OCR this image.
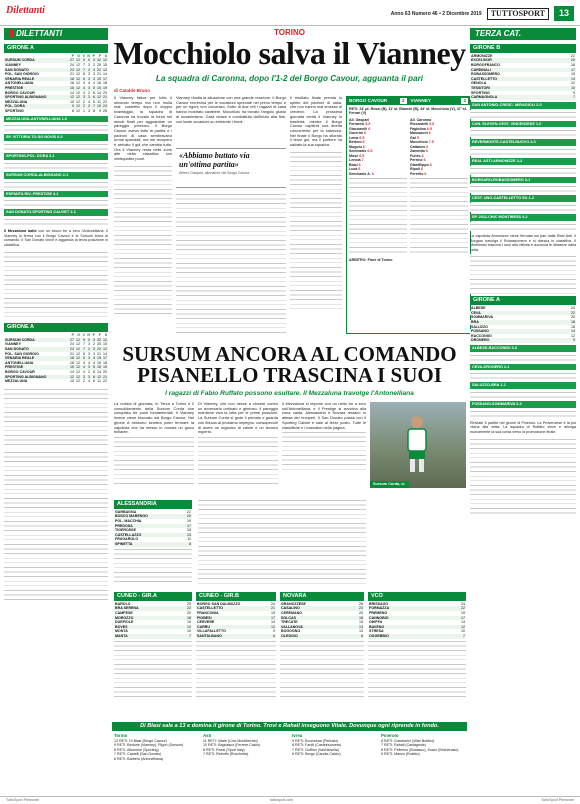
Dilettanti	Anno 63 Numero 46 • 2 Dicembre 2019	TUTTOSPORT	13
DILETTANTI	TERZA CAT.
GIRONE A
	P	G	V	N	P	F	S
SURSUM CORDA	27	12	9	0	3	32	12
VIANNEY	24	12	7	3	2	25	15
SAN DONATO	23	12	7	2	3	22	12
POL. SAN GIORGIO	21	12	6	3	3	21	14
VENARIA REALE	18	12	5	3	4	19	17
ANTONELLIANA	16	12	4	4	4	16	18
PRESTIGE	15	12	4	3	5	15	19
BORGO CAVOUR	14	12	4	2	6	14	20
SPORTING ALBIGNANO	12	12	3	3	6	12	21
MEZZALUNA	10	12	2	4	6	11	22
POL. DORA	9	12	2	3	7	10	24
SPORTING	6	12	1	3	8	9	25
MEZZALUNA-ANTONELLIANA 1-0
SP. VITTORIA TO-SG NOVIS 0-0
SPORTING-POL. DORA 3-1
SURSUM CORDA-ALBIGNANO 2-1
ESPANTA RIV.-PRESTIGE 4-1
SAN DONATO-SPORTING CALVIET 2-1
Il Mezzaluna batte con un secco tre a zero l'Antonelliana. Il Vianney si ferma con il Borgo Cavour e la Sursum torna al comando. Il San Donato vince e aggancia la terza posizione in classifica.
GIRONE A
	P	G	V	N	P	F	S
SURSUM CORDA	27	12	9	0	3	32	12
VIANNEY	24	12	7	3	2	25	15
SAN DONATO	23	12	7	2	3	22	12
POL. SAN GIORGIO	21	12	6	3	3	21	14
VENARIA REALE	18	12	5	3	4	19	17
ANTONELLIANA	16	12	4	4	4	16	18
PRESTIGE	15	12	4	3	5	15	19
BORGO CAVOUR	14	12	4	2	6	14	20
SPORTING ALBIGNANO	12	12	3	3	6	12	21
MEZZALUNA	10	12	2	4	6	11	22
TORINO
Mocchiolo salva il Vianney
La squadra di Caronna, dopo l'1-2 del Borgo Cavour, agguanta il pari
di Catalde Bruno
Il Vianney fatica per tutto il secondo tempo ma non molla mai: costretto dopo il doppio svantaggio, la squadra di Caronna ha trovato la forza nei minuti finali per agguantare un pareggio prezioso. Il Borgo Cavour aveva fatto la partita e i padroni di casa sembravano ormai spacciati, ma nel recupero è arrivato il gol che cambia tutto. Ora il Vianney resta nelle zone alte della classifica con ventiquattro punti.
Vianney ribalta la situazione con una grande reazione. Il Borgo Cavour recrimina per le occasioni sprecate nel primo tempo e per un rigore non concesso. Sotto di due reti i ragazzi di casa hanno mostrato carattere. Mocchiolo ha trovato l'angolo giusto al novantesimo. Gara vivace e combattuta dall'inizio alla fine, con tante occasioni su entrambi i fronti.
«Abbiamo buttato via un'ottima partita»
Alfiero Gaspari, allenatore del Borgo Cavour
Il risultato finale premia lo spirito dei padroni di casa, che non hanno mai smesso di crederci. La prossima giornata vedrà il Vianney in trasferta, mentre il Borgo Cavour ospiterà una diretta concorrente per la salvezza. Nel finale il Borgo ha sfiorato il terzo gol, ma il portiere ha salvato la sua squadra.
BORGO CAVOUR	2	VIANNEY	2
RETI: 24' pt. Rossi (B), 11' st. Bianchi (B), 44' st. Mocchiolo (V), 47' st. Ferrari (V)
All. Gaspari
Ferraresi 5.5
Giacomelli 6
Guerrini 6
Lema 6.5
Bertoni 6
Mogolu 6
Seminario 6.5
Mosè 6.5
Lenola 7
Biasi 6
Lucà 6
Seminario A. 6
All. Caronna
Riccardelli 6.5
Fagiolino 6.5
Massaroni 6
Gal 5
Mocchiolo 7.5
Cattaneo 6
Zammito 6
Funes 6
Perrino 6
Gianfilippo 6
Ripoli 6
Perrello 6
ARBITRO: Fiore di Torino
SURSUM ANCORA AL COMANDO PISANELLO TRASCINA I SUOI
I ragazzi di Fabio Ruffato possono esultare. Il Mezzaluna travolge l'Antonelliana
La notizia di giornata, in Terza a Torino è il consolidamento della Sursum Corda che conquista tre punti fondamentali. Il Vianney invece viene bloccato dal Borgo Cavour. Nel girone A nessuno sembra poter fermare la capolista che ha messo in mostra un gioco brillante.
Di Vianney, che non riesce a vincere contro un avversario ordinato e grintoso. Il pareggio mantiene viva la lotta per le prime posizioni. La Sursum Corda si gode il primato e guarda con fiducia al prossimo impegno, consapevole di avere un organico di valore e un tecnico esperto.
Il Mezzaluna si impone con un netto tre a zero sull'Antonelliana, e il Prestige si avvicina alla zona calda. Alessandria e Novara restano in attesa dei recuperi. Il San Donato passa con il Sporting Calviet e sale al terzo posto. Tutte le classifiche e i marcatori nella pagina.
Sursum Corda, cl.
ALESSANDRIA
GARBAGNA	22
BOSCO MARENGO	20
POL. MACCHIA	19
PREDOSA	17
TIGEROSSE	15
CASTELLAZZO	13
FRUGAROLO	11
SPINETTA	8
CUNEO - GIR.A
BAROLO	25
BRA SERENA	22
CAMPESE	20
MOROZZO	18
DUEPIOLE	15
BOVES	12
MONTA	10
MANTA	7
CUNEO - GIR.B
BORGO SAN DALMAZZO	24
CASTELLETTO	21
FRANCONIA	19
PIOBESI	17
CERVERE	14
CARRU	12
VILLAFALLETTO	9
SANTALBANO	6
NOVARA
GRANOZZESE	26
CASALINO	23
CEREMANO	20
SOLCAS	18
TRECATE	15
VALLANOVA	13
BOGOGNO	10
OLEGGIO	8
VCO
BRISSAGO	24
FORMAZZA	22
PREMENO	19
CANNOBIO	17
GHIFFA	14
BAVENO	12
STRESA	10
OGGEBBIO	7
GIRONE B
ARMONIZZE	22
EXCELSIOR	20
BORGOFRANCO	18
CARDINALI	17
ROBASSOMERO	15
CASTELLETTO	14
GENOLA	12
TESSITORI	10
SPORTING	9
CARMAGNOLA	7
SAN ANTONIO-CRESC. MIRAGIOLI 2-0
CUN. ELEVEN-CEST. VINCENZESE 1-0
REVERMONTE-CASTELNUOVO 2-0
REAL ASTI-ARMONIZZE 2-2
BORGARO-ROBASSOMERO 3-1
CEST. UNO-CASTELLETTO SU 1-2
SP. 2011-CHIC MONTIRESS 4-2
La capolista Armonizze viene fermata sul pari dalla Real Asti. Il Borgaro travolge il Robassomero e si rilancia in classifica. Il Montiressi trascina i suoi alla vittoria e accorcia le distanze dalla vetta.
GIRONE A
ALBESE	24
CEVA	22
SOMMARIVA	20
BRA	18
SALUZZO	16
FOSSANO	14
RACCONIGI	12
DRONERO	9
ALBESE-RACCONIGI 3-0
CEVA-DRONERO 2-1
SALUZZO-BRA 1-1
FOSSANO-SOMMARIVA 0-2
Rinviate 5 partite nel girone di Pinerolo. La Provenzese è la più vicina alla vetta. La squadra di Ruffato vince e allunga nuovamente la sua corsa verso la promozione finale.
Di Blasi sale a 13 e domina il girone di Torino. Trovi e Rahali inseguono Vitale. Dovunque ogni riprende in fondo.
Torino
13 RETI: Di Blasi (Borgo Cavour)
9 RETI: Bertone (Vianney), Rigon (Sursum)
8 RETI: Albonese (Sporting)
7 RETI: Castelli (San Donato)
6 RETI: Barbero (Antonelliana)
Asti
11 RETI: Vitale (Cmc Montiferrato)
10 RETI: Bagnasco (Ferrere Calcio)
8 RETI: Rossi (Sport Italy)
7 RETI: Rebuffo (Rocchetta)
Ivrea
9 RETI: Boumdraa (Pertusio)
8 RETI: Faridi (Castelnuovese)
7 RETI: Goffino (Valchiusella)
6 RETI: Bergo (Candia Calcio)
Pinerolo
8 RETI: Gambarini (Villar Bobbio)
7 RETI: Rahali (Castagnole)
6 RETI: Pellerino (Buriasco), Suaro (Bricherasio)
5 RETI: Manzo (Roletto)
TuttoSport Piemonte	tuttosport.com	TuttoSport Piemonte
